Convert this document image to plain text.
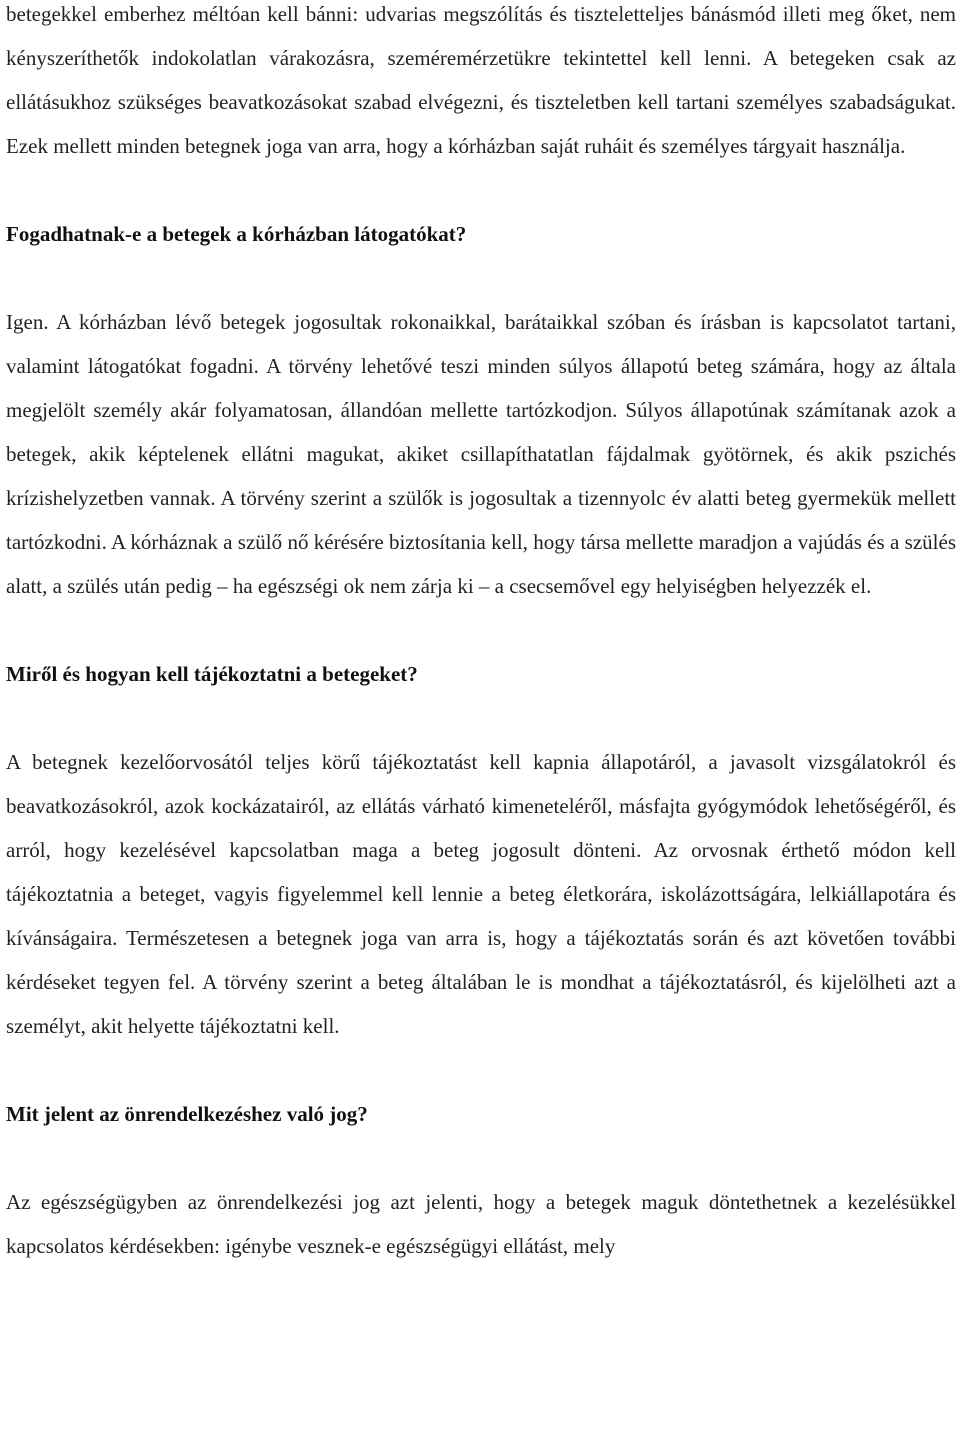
betegekkel emberhez méltóan kell bánni: udvarias megszólítás és tiszteletteljes bánásmód illeti meg őket, nem kényszeríthetők indokolatlan várakozásra, szeméremérzetükre tekintettel kell lenni. A betegeken csak az ellátásukhoz szükséges beavatkozásokat szabad elvégezni, és tiszteletben kell tartani személyes szabadságukat. Ezek mellett minden betegnek joga van arra, hogy a kórházban saját ruháit és személyes tárgyait használja.

Fogadhatnak-e a betegek a kórházban látogatókat?

Igen. A kórházban lévő betegek jogosultak rokonaikkal, barátaikkal szóban és írásban is kapcsolatot tartani, valamint látogatókat fogadni. A törvény lehetővé teszi minden súlyos állapotú beteg számára, hogy az általa megjelölt személy akár folyamatosan, állandóan mellette tartózkodjon. Súlyos állapotúnak számítanak azok a betegek, akik képtelenek ellátni magukat, akiket csillapíthatatlan fájdalmak gyötörnek, és akik pszichés krízishelyzetben vannak. A törvény szerint a szülők is jogosultak a tizennyolc év alatti beteg gyermekük mellett tartózkodni. A kórháznak a szülő nő kérésére biztosítania kell, hogy társa mellette maradjon a vajúdás és a szülés alatt, a szülés után pedig – ha egészségi ok nem zárja ki – a csecsemővel egy helyiségben helyezzék el.

Miről és hogyan kell tájékoztatni a betegeket?

A betegnek kezelőorvosától teljes körű tájékoztatást kell kapnia állapotáról, a javasolt vizsgálatokról és beavatkozásokról, azok kockázatairól, az ellátás várható kimeneteléről, másfajta gyógymódok lehetőségéről, és arról, hogy kezelésével kapcsolatban maga a beteg jogosult dönteni. Az orvosnak érthető módon kell tájékoztatnia a beteget, vagyis figyelemmel kell lennie a beteg életkorára, iskolázottságára, lelkiállapotára és kívánságaira. Természetesen a betegnek joga van arra is, hogy a tájékoztatás során és azt követően további kérdéseket tegyen fel. A törvény szerint a beteg általában le is mondhat a tájékoztatásról, és kijelölheti azt a személyt, akit helyette tájékoztatni kell.

Mit jelent az önrendelkezéshez való jog?

Az egészségügyben az önrendelkezési jog azt jelenti, hogy a betegek maguk döntethetnek a kezelésükkel kapcsolatos kérdésekben: igénybe vesznek-e egészségügyi ellátást, mely
